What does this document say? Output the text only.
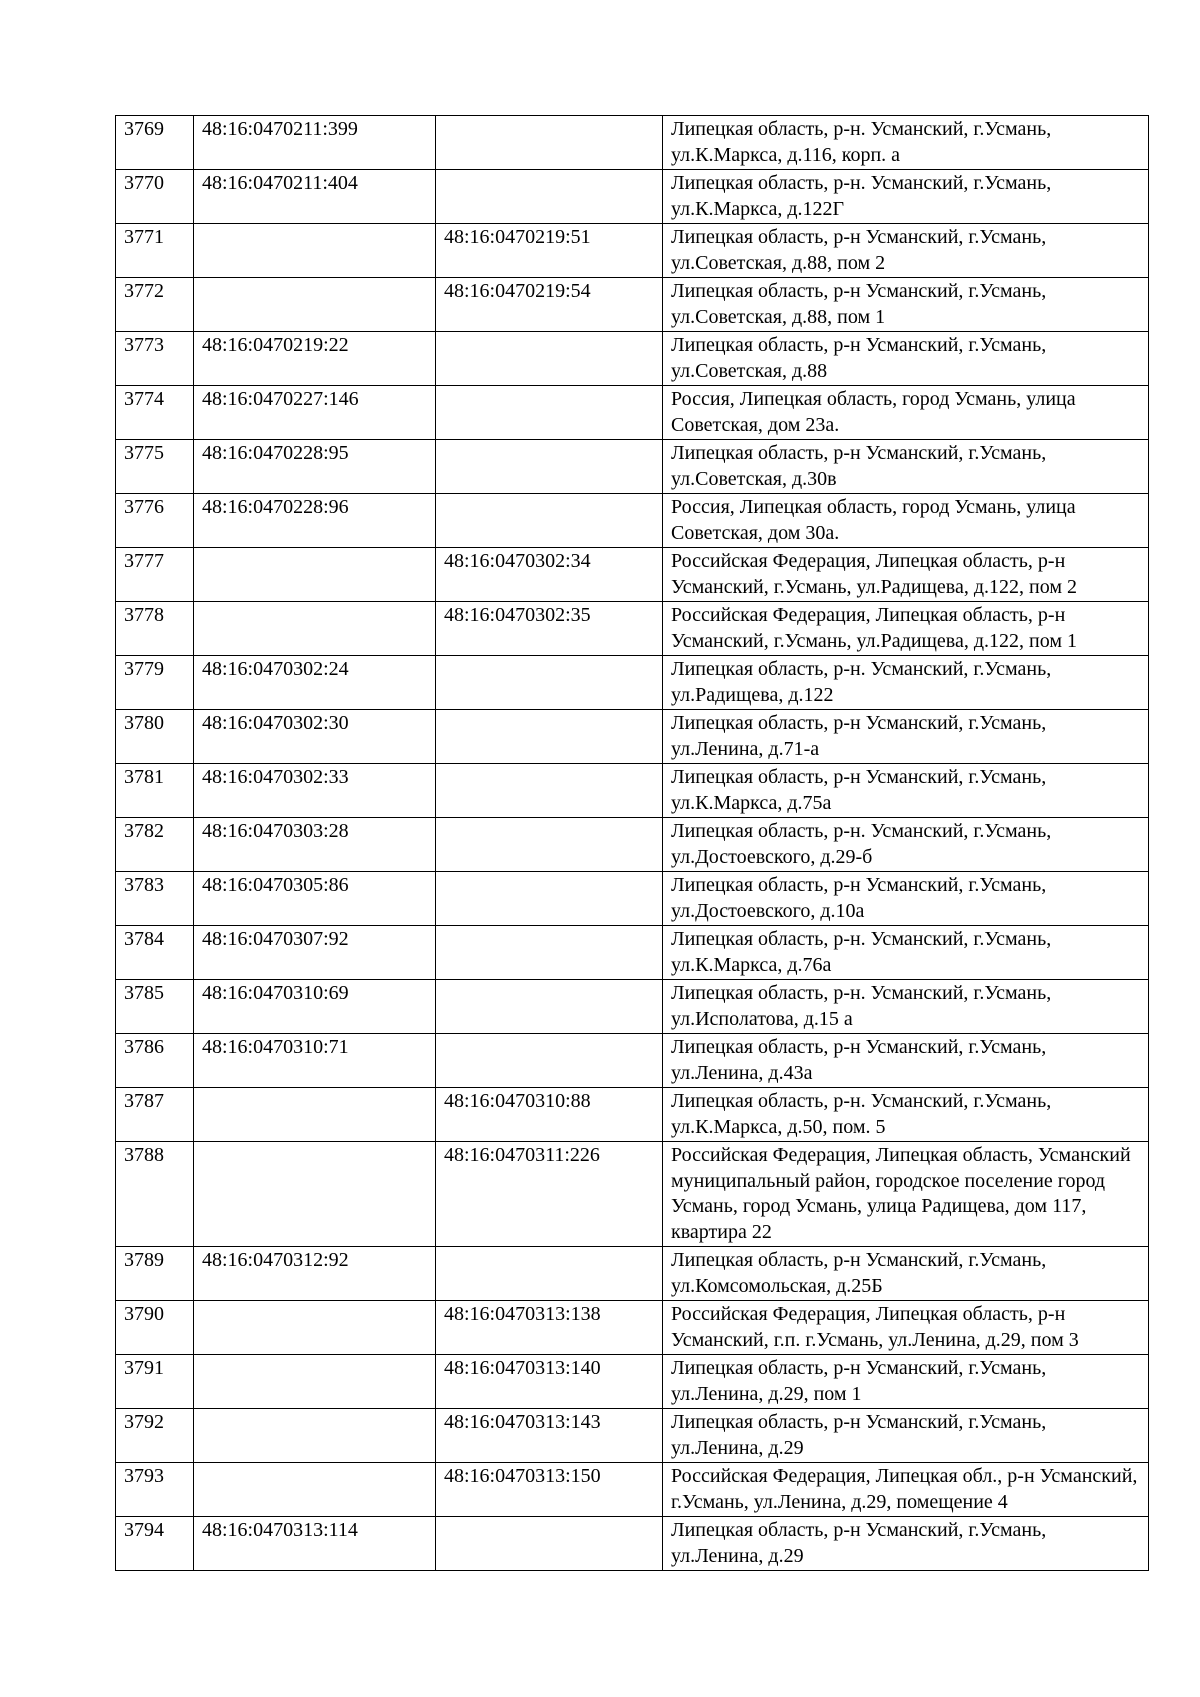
3769	48:16:0470211:399		Липецкая область, р-н. Усманский, г.Усмань, ул.К.Маркса, д.116, корп. а
3770	48:16:0470211:404		Липецкая область, р-н. Усманский, г.Усмань, ул.К.Маркса, д.122Г
3771		48:16:0470219:51	Липецкая область, р-н Усманский, г.Усмань, ул.Советская, д.88, пом 2
3772		48:16:0470219:54	Липецкая область, р-н Усманский, г.Усмань, ул.Советская, д.88, пом 1
3773	48:16:0470219:22		Липецкая область, р-н Усманский, г.Усмань, ул.Советская, д.88
3774	48:16:0470227:146		Россия, Липецкая область, город Усмань, улица Советская, дом 23а.
3775	48:16:0470228:95		Липецкая область, р-н Усманский, г.Усмань, ул.Советская, д.30в
3776	48:16:0470228:96		Россия, Липецкая область, город Усмань, улица Советская, дом 30а.
3777		48:16:0470302:34	Российская Федерация, Липецкая область, р-н Усманский, г.Усмань, ул.Радищева, д.122, пом 2
3778		48:16:0470302:35	Российская Федерация, Липецкая область, р-н Усманский, г.Усмань, ул.Радищева, д.122, пом 1
3779	48:16:0470302:24		Липецкая область, р-н. Усманский, г.Усмань, ул.Радищева, д.122
3780	48:16:0470302:30		Липецкая область, р-н Усманский, г.Усмань, ул.Ленина, д.71-а
3781	48:16:0470302:33		Липецкая область, р-н Усманский, г.Усмань, ул.К.Маркса, д.75а
3782	48:16:0470303:28		Липецкая область, р-н. Усманский, г.Усмань, ул.Достоевского, д.29-б
3783	48:16:0470305:86		Липецкая область, р-н Усманский, г.Усмань, ул.Достоевского, д.10а
3784	48:16:0470307:92		Липецкая область, р-н. Усманский, г.Усмань, ул.К.Маркса, д.76а
3785	48:16:0470310:69		Липецкая область, р-н. Усманский, г.Усмань, ул.Исполатова, д.15 а
3786	48:16:0470310:71		Липецкая область, р-н Усманский, г.Усмань, ул.Ленина, д.43а
3787		48:16:0470310:88	Липецкая область, р-н. Усманский, г.Усмань, ул.К.Маркса, д.50, пом. 5
3788		48:16:0470311:226	Российская Федерация, Липецкая область, Усманский муниципальный район, городское поселение город Усмань, город Усмань, улица Радищева, дом 117, квартира 22
3789	48:16:0470312:92		Липецкая область, р-н Усманский, г.Усмань, ул.Комсомольская, д.25Б
3790		48:16:0470313:138	Российская Федерация, Липецкая область, р-н Усманский, г.п. г.Усмань, ул.Ленина, д.29, пом 3
3791		48:16:0470313:140	Липецкая область, р-н Усманский, г.Усмань, ул.Ленина, д.29, пом 1
3792		48:16:0470313:143	Липецкая область, р-н Усманский, г.Усмань, ул.Ленина, д.29
3793		48:16:0470313:150	Российская Федерация, Липецкая обл., р-н Усманский, г.Усмань, ул.Ленина, д.29, помещение 4
3794	48:16:0470313:114		Липецкая область, р-н Усманский, г.Усмань, ул.Ленина, д.29
